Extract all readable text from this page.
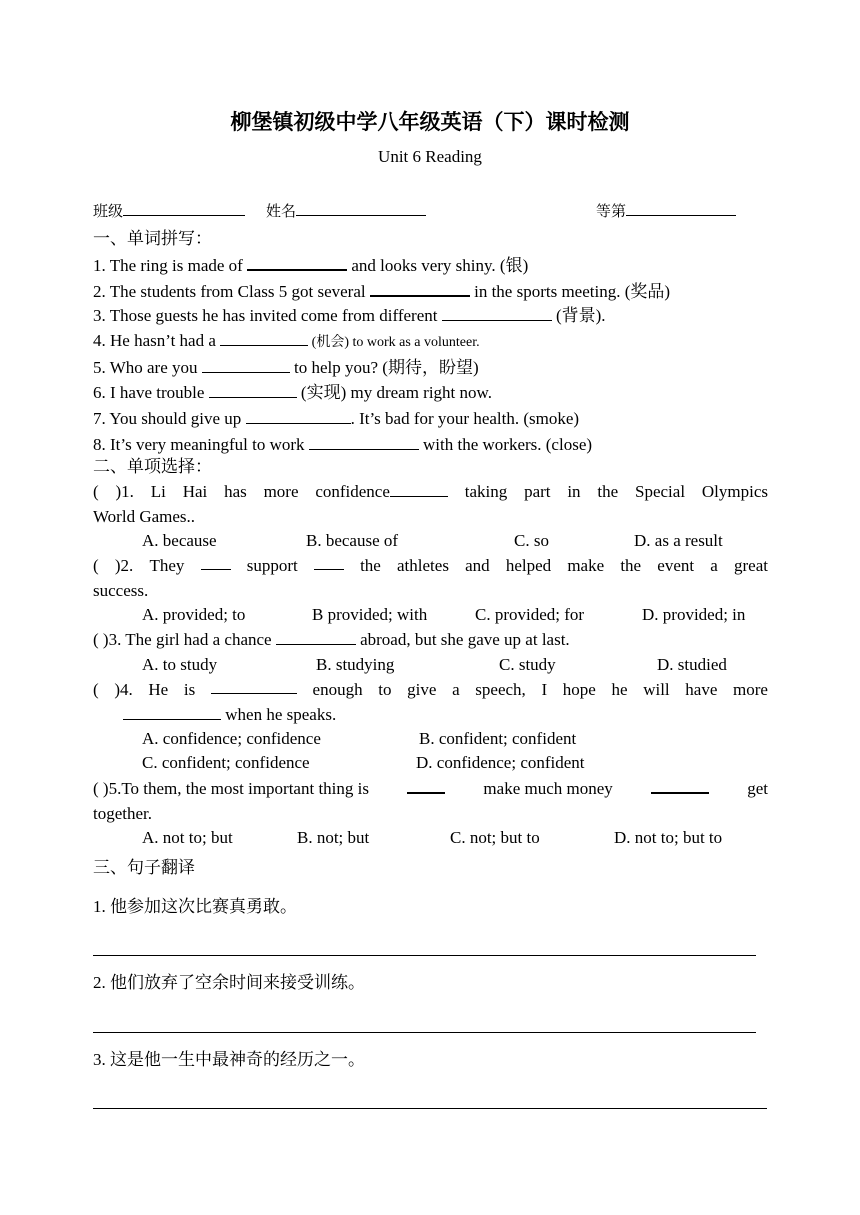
柳堡镇初级中学八年级英语（下）课时检测
Unit 6 Reading
班级	姓名	等第
一、单词拼写：
1. The ring is made of	and looks very shiny. (银)
2. The students from Class 5 got several	in the sports meeting. (奖品)
3. Those guests he has invited come from different	(背景).
4. He hasn’t had a	(机会) to work as a volunteer.
5. Who are you	to help you? (期待，盼望)
6. I have trouble	(实现) my dream right now.
7. You should give up	. It’s bad for your health. (smoke)
8. It’s very meaningful to work	with the workers. (close)
二、单项选择：
( )1. Li Hai has more confidence	taking part in the Special Olympics
World Games..
A. because	B. because of	C. so	D. as a result
( )2. They	support	the athletes and helped make the event a great
success.
A. provided; to	B provided; with	C. provided; for	D. provided; in
( )3. The girl had a chance	abroad, but she gave up at last.
A. to study	B. studying	C. study	D. studied
( )4. He is	enough to give a speech, I hope he will have more
when he speaks.
A. confidence; confidence	B. confident; confident
C. confident; confidence	D. confidence; confident
( )5.To them, the most important thing is	make much money	get
together.
A. not to; but	B. not; but	C. not; but to	D. not to; but to
三、句子翻译
1. 他参加这次比赛真勇敢。
2. 他们放弃了空余时间来接受训练。
3. 这是他一生中最神奇的经历之一。
